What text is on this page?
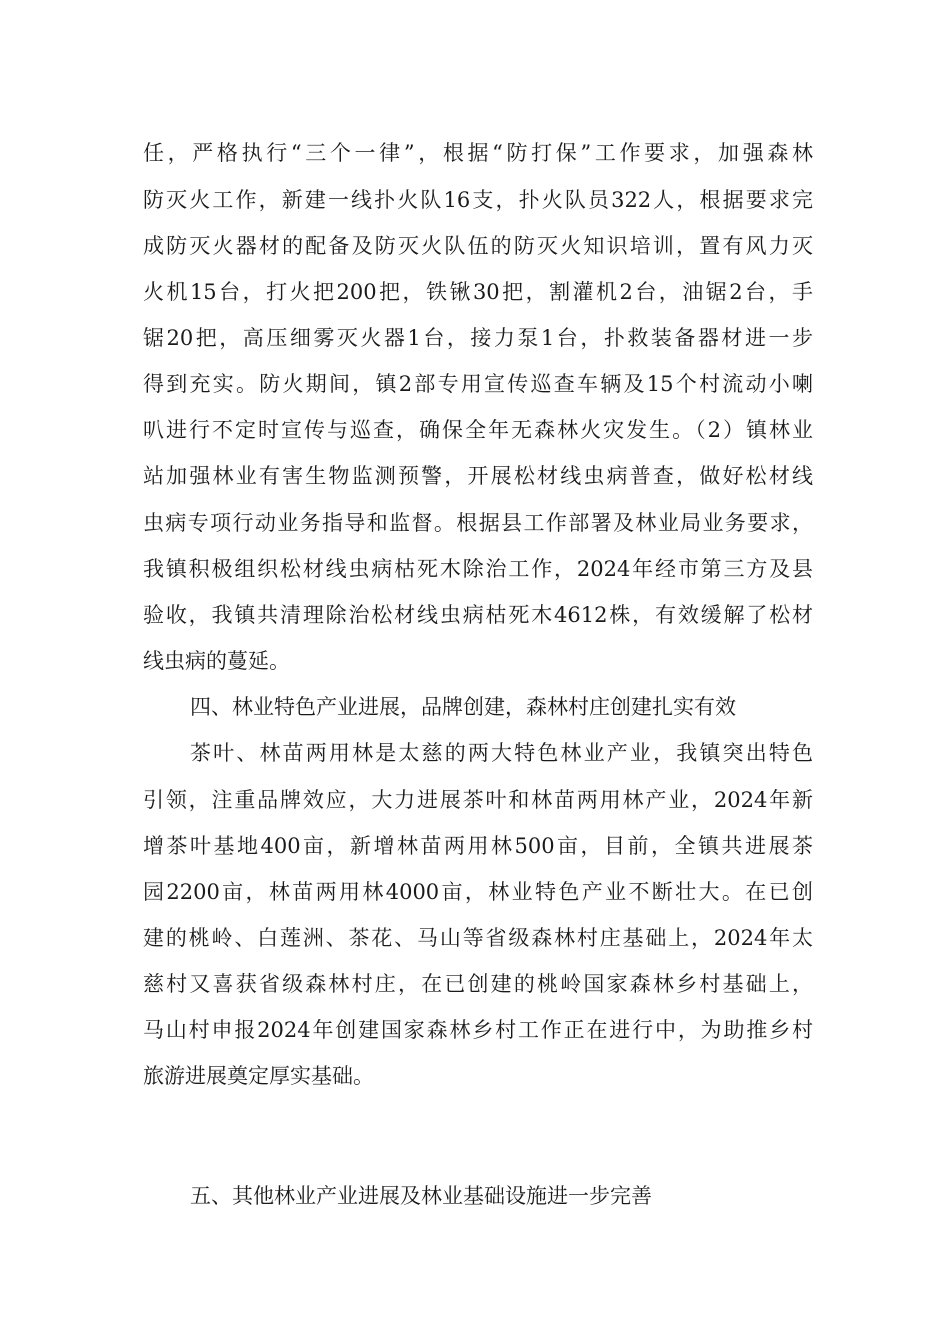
任，严格执行“三个一律”，根据“防打保”工作要求，加强森林
防灭火工作，新建一线扑火队16支，扑火队员322人，根据要求完
成防灭火器材的配备及防灭火队伍的防灭火知识培训，置有风力灭
火机15台，打火把200把，铁锹30把，割灌机2台，油锯2台，手
锯20把，高压细雾灭火器1台，接力泵1台，扑救装备器材进一步
得到充实。防火期间，镇2部专用宣传巡查车辆及15个村流动小喇
叭进行不定时宣传与巡查，确保全年无森林火灾发生。（2）镇林业
站加强林业有害生物监测预警，开展松材线虫病普查，做好松材线
虫病专项行动业务指导和监督。根据县工作部署及林业局业务要求，
我镇积极组织松材线虫病枯死木除治工作，2024年经市第三方及县
验收，我镇共清理除治松材线虫病枯死木4612株，有效缓解了松材
线虫病的蔓延。
四、林业特色产业进展，品牌创建，森林村庄创建扎实有效
茶叶、林苗两用林是太慈的两大特色林业产业，我镇突出特色
引领，注重品牌效应，大力进展茶叶和林苗两用林产业，2024年新
增茶叶基地400亩，新增林苗两用林500亩，目前，全镇共进展茶
园2200亩，林苗两用林4000亩，林业特色产业不断壮大。在已创
建的桃岭、白莲洲、茶花、马山等省级森林村庄基础上，2024年太
慈村又喜获省级森林村庄，在已创建的桃岭国家森林乡村基础上，
马山村申报2024年创建国家森林乡村工作正在进行中，为助推乡村
旅游进展奠定厚实基础。
五、其他林业产业进展及林业基础设施进一步完善
